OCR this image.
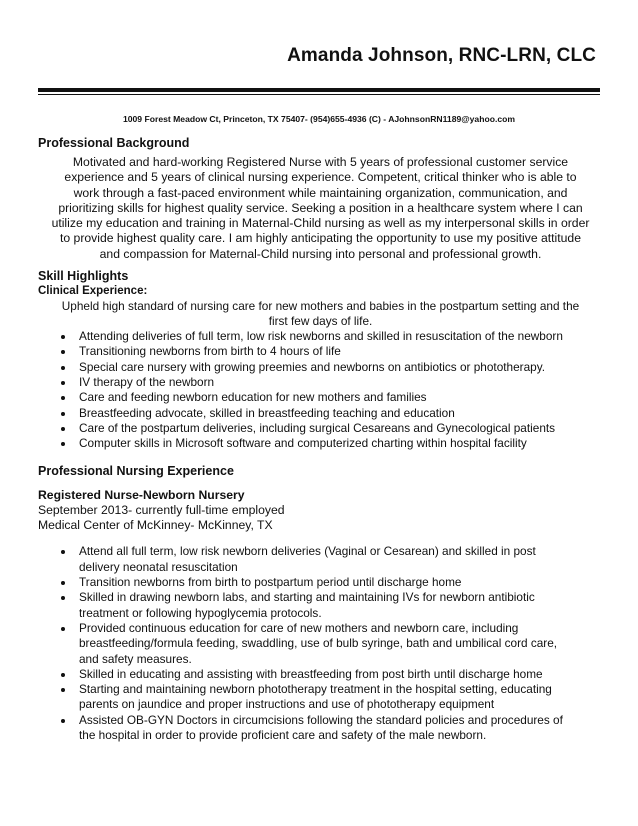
Amanda Johnson, RNC-LRN, CLC
1009 Forest Meadow Ct, Princeton, TX 75407- (954)655-4936 (C) - AJohnsonRN1189@yahoo.com
Professional Background
Motivated and hard-working Registered Nurse with 5 years of professional customer service
experience and 5 years of clinical nursing experience. Competent, critical thinker who is able to
work through a fast-paced environment while maintaining organization, communication, and
prioritizing skills for highest quality service. Seeking a position in a healthcare system where I can
utilize my education and training in Maternal-Child nursing as well as my interpersonal skills in order
to provide highest quality care. I am highly anticipating the opportunity to use my positive attitude
and compassion for Maternal-Child nursing into personal and professional growth.
Skill Highlights
Clinical Experience:
Upheld high standard of nursing care for new mothers and babies in the postpartum setting and the
first few days of life.
Attending deliveries of full term, low risk newborns and skilled in resuscitation of the newborn
Transitioning newborns from birth to 4 hours of life
Special care nursery with growing preemies and newborns on antibiotics or phototherapy.
IV therapy of the newborn
Care and feeding newborn education for new mothers and families
Breastfeeding advocate, skilled in breastfeeding teaching and education
Care of the postpartum deliveries, including surgical Cesareans and Gynecological patients
Computer skills in Microsoft software and computerized charting within hospital facility
Professional Nursing Experience
Registered Nurse-Newborn Nursery
September 2013- currently full-time employed
Medical Center of McKinney- McKinney, TX
Attend all full term, low risk newborn deliveries (Vaginal or Cesarean) and skilled in post
delivery neonatal resuscitation
Transition newborns from birth to postpartum period until discharge home
Skilled in drawing newborn labs, and starting and maintaining IVs for newborn antibiotic
treatment or following hypoglycemia protocols.
Provided continuous education for care of new mothers and newborn care, including
breastfeeding/formula feeding, swaddling, use of bulb syringe, bath and umbilical cord care,
and safety measures.
Skilled in educating and assisting with breastfeeding from post birth until discharge home
Starting and maintaining newborn phototherapy treatment in the hospital setting, educating
parents on jaundice and proper instructions and use of phototherapy equipment
Assisted OB-GYN Doctors in circumcisions following the standard policies and procedures of
the hospital in order to provide proficient care and safety of the male newborn.
